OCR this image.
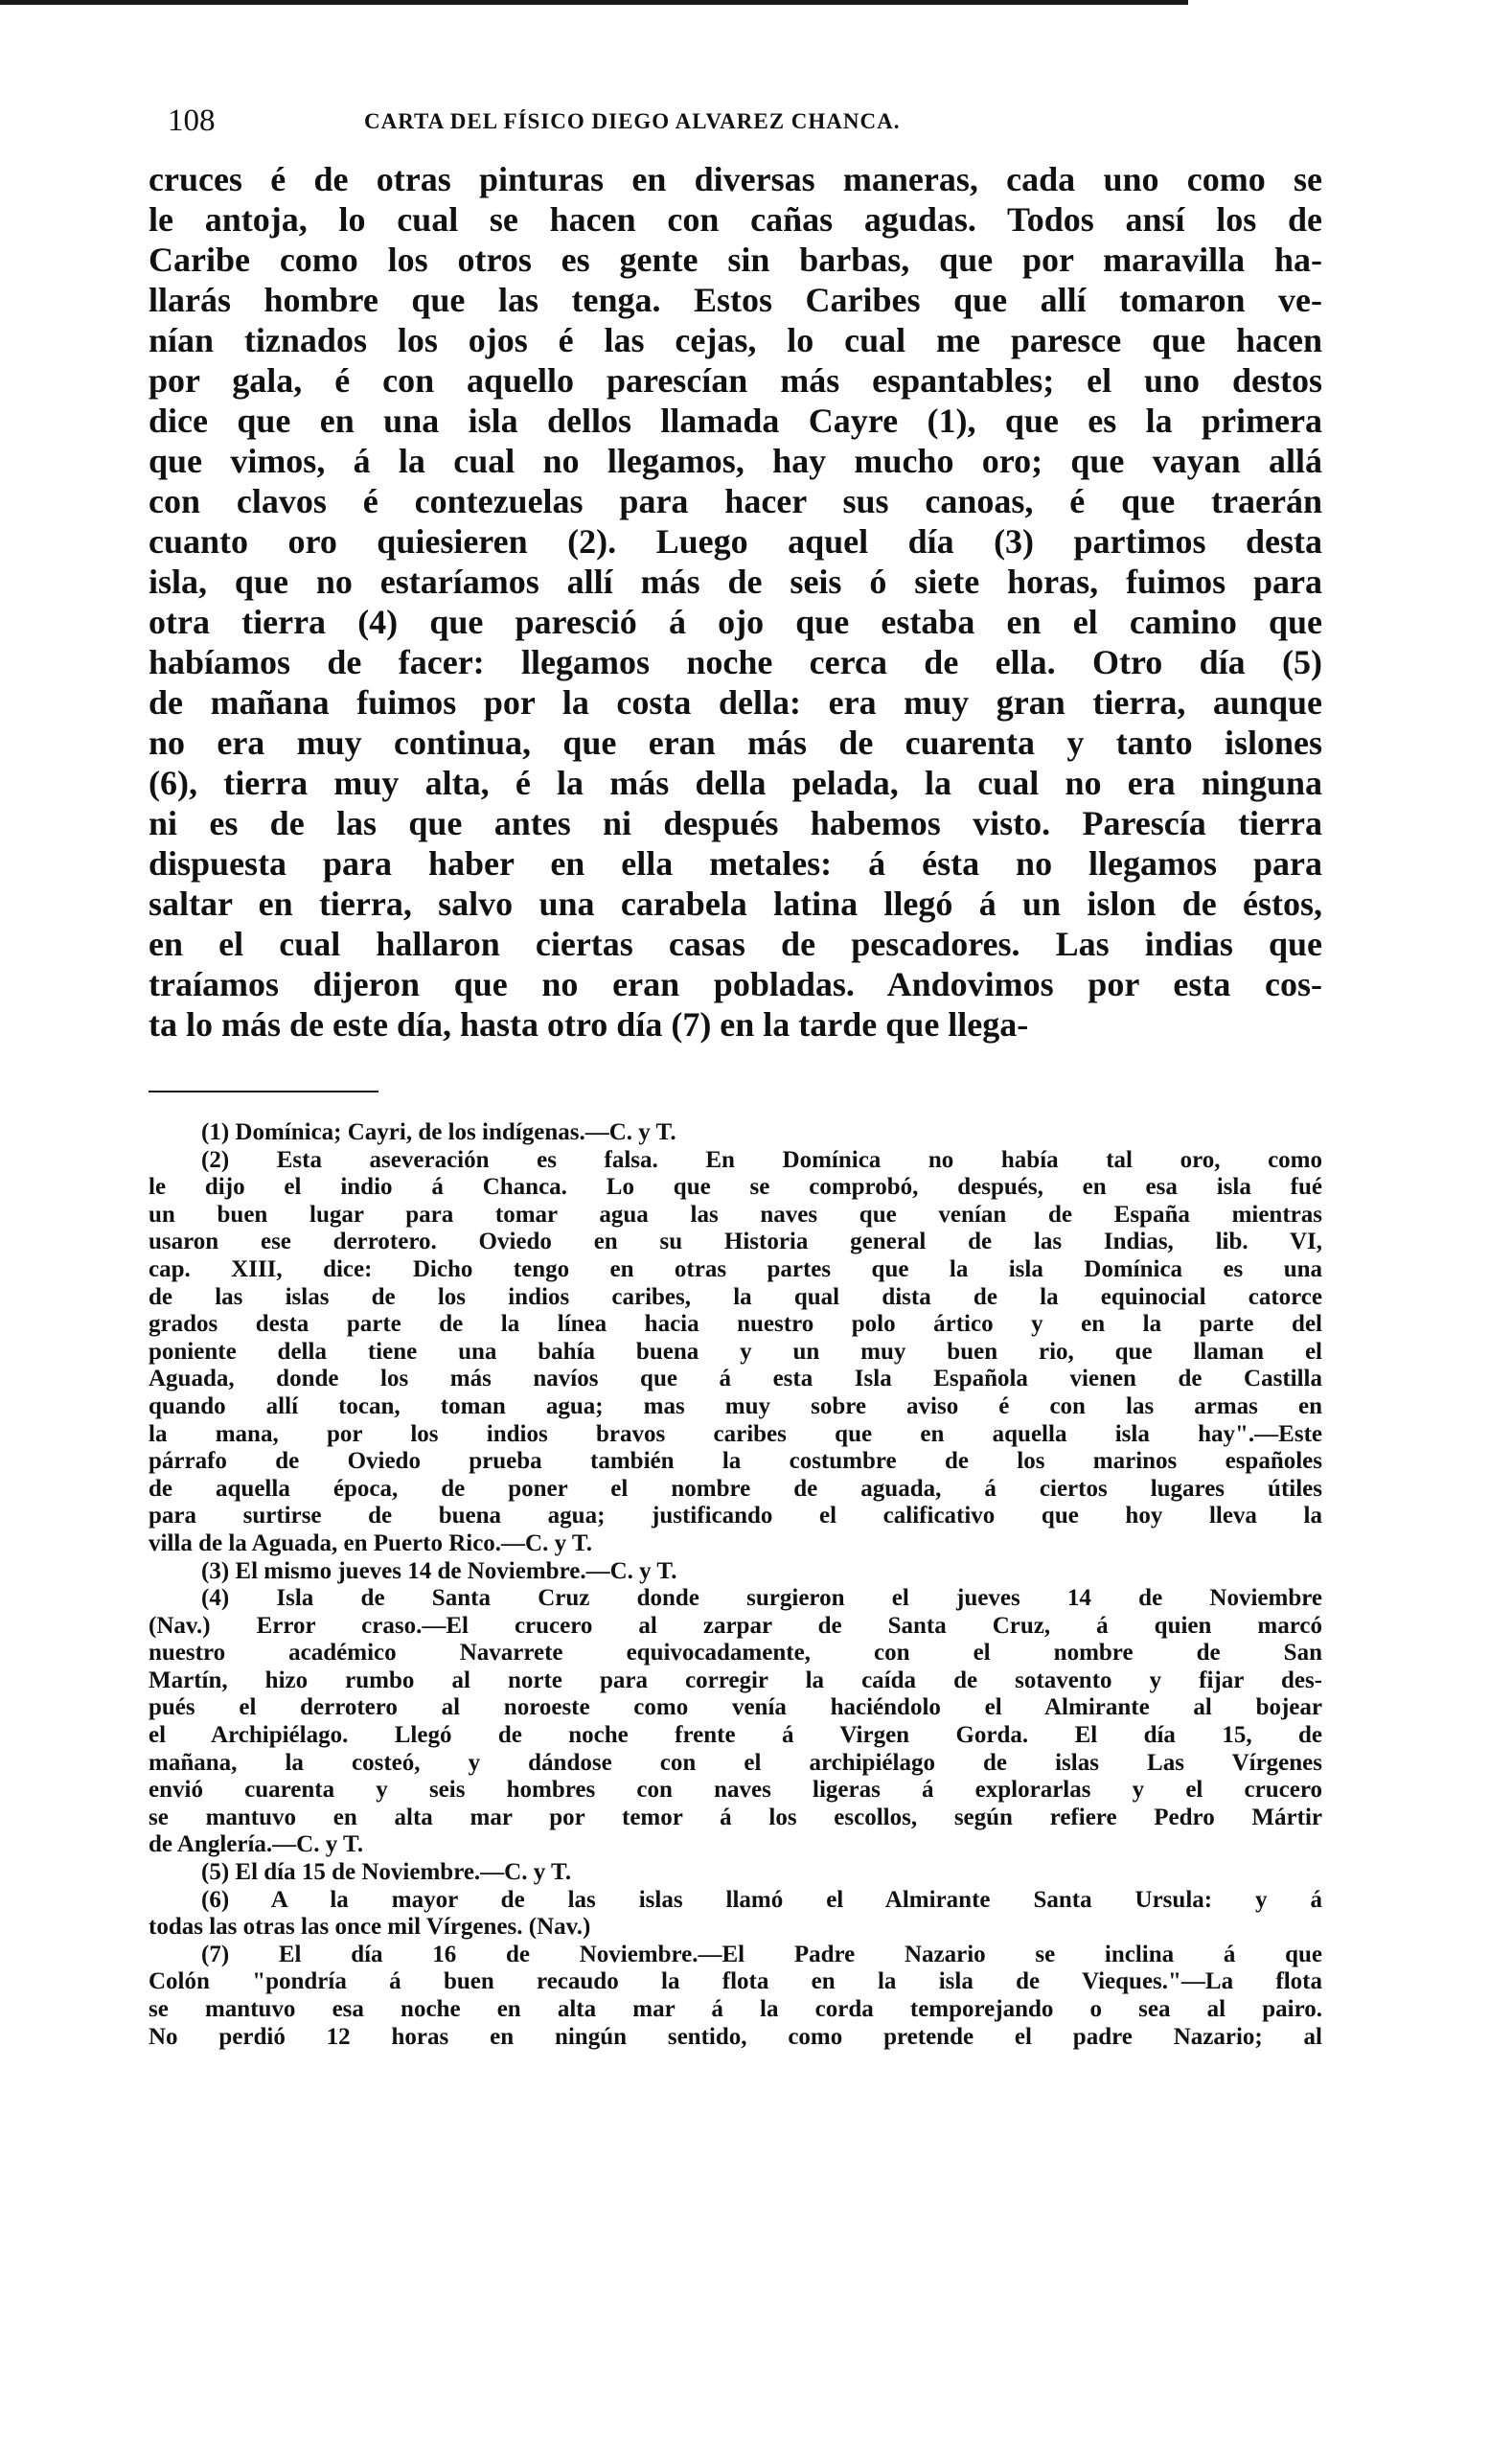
108	CARTA DEL FÍSICO DIEGO ALVAREZ CHANCA.
cruces é de otras pinturas en diversas maneras, cada uno como se
le antoja, lo cual se hacen con cañas agudas. Todos ansí los de
Caribe como los otros es gente sin barbas, que por maravilla ha-
llarás hombre que las tenga. Estos Caribes que allí tomaron ve-
nían tiznados los ojos é las cejas, lo cual me paresce que hacen
por gala, é con aquello parescían más espantables; el uno destos
dice que en una isla dellos llamada Cayre (1), que es la primera
que vimos, á la cual no llegamos, hay mucho oro; que vayan allá
con clavos é contezuelas para hacer sus canoas, é que traerán
cuanto oro quiesieren (2). Luego aquel día (3) partimos desta
isla, que no estaríamos allí más de seis ó siete horas, fuimos para
otra tierra (4) que paresció á ojo que estaba en el camino que
habíamos de facer: llegamos noche cerca de ella. Otro día (5)
de mañana fuimos por la costa della: era muy gran tierra, aunque
no era muy continua, que eran más de cuarenta y tanto islones
(6), tierra muy alta, é la más della pelada, la cual no era ninguna
ni es de las que antes ni después habemos visto. Parescía tierra
dispuesta para haber en ella metales: á ésta no llegamos para
saltar en tierra, salvo una carabela latina llegó á un islon de éstos,
en el cual hallaron ciertas casas de pescadores. Las indias que
traíamos dijeron que no eran pobladas. Andovimos por esta cos-
ta lo más de este día, hasta otro día (7) en la tarde que llega-
(1) Domínica; Cayri, de los indígenas.—C. y T.
(2) Esta aseveración es falsa. En Domínica no había tal oro, como
le dijo el indio á Chanca. Lo que se comprobó, después, en esa isla fué
un buen lugar para tomar agua las naves que venían de España mientras
usaron ese derrotero. Oviedo en su Historia general de las Indias, lib. VI,
cap. XIII, dice: Dicho tengo en otras partes que la isla Domínica es una
de las islas de los indios caribes, la qual dista de la equinocial catorce
grados desta parte de la línea hacia nuestro polo ártico y en la parte del
poniente della tiene una bahía buena y un muy buen rio, que llaman el
Aguada, donde los más navíos que á esta Isla Española vienen de Castilla
quando allí tocan, toman agua; mas muy sobre aviso é con las armas en
la mana, por los indios bravos caribes que en aquella isla hay".—Este
párrafo de Oviedo prueba también la costumbre de los marinos españoles
de aquella época, de poner el nombre de aguada, á ciertos lugares útiles
para surtirse de buena agua; justificando el calificativo que hoy lleva la
villa de la Aguada, en Puerto Rico.—C. y T.
(3) El mismo jueves 14 de Noviembre.—C. y T.
(4) Isla de Santa Cruz donde surgieron el jueves 14 de Noviembre
(Nav.) Error craso.—El crucero al zarpar de Santa Cruz, á quien marcó
nuestro académico Navarrete equivocadamente, con el nombre de San
Martín, hizo rumbo al norte para corregir la caída de sotavento y fijar des-
pués el derrotero al noroeste como venía haciéndolo el Almirante al bojear
el Archipiélago. Llegó de noche frente á Virgen Gorda. El día 15, de
mañana, la costeó, y dándose con el archipiélago de islas Las Vírgenes
envió cuarenta y seis hombres con naves ligeras á explorarlas y el crucero
se mantuvo en alta mar por temor á los escollos, según refiere Pedro Mártir
de Anglería.—C. y T.
(5) El día 15 de Noviembre.—C. y T.
(6) A la mayor de las islas llamó el Almirante Santa Ursula: y á
todas las otras las once mil Vírgenes. (Nav.)
(7) El día 16 de Noviembre.—El Padre Nazario se inclina á que
Colón "pondría á buen recaudo la flota en la isla de Vieques."—La flota
se mantuvo esa noche en alta mar á la corda temporejando o sea al pairo.
No perdió 12 horas en ningún sentido, como pretende el padre Nazario; al
